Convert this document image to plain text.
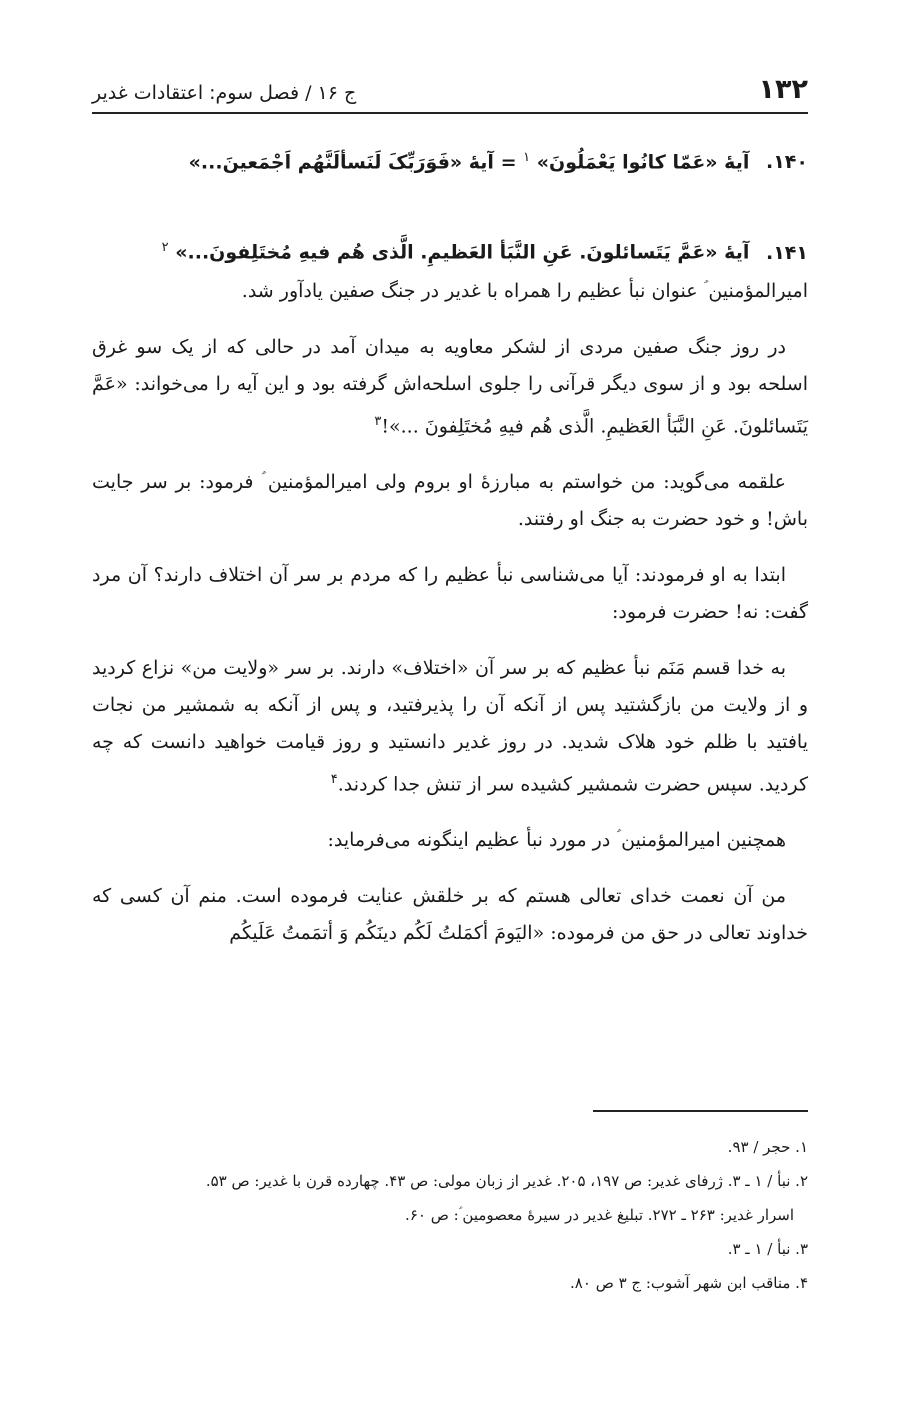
۱۳۲
ج ۱۶ / فصل سوم: اعتقادات غدیر
۱۴۰. آیهٔ «عَمّا کانُوا یَعْمَلُونَ» $^۱$ = آیهٔ «فَوَرَبِّکَ لَنَسألَنَّهُم اَجْمَعینَ...»
۱۴۱. آیهٔ «عَمَّ یَتَسائلونَ. عَنِ النَّبَأ العَظیمِ. الَّذی هُم فیهِ مُختَلِفونَ...» $^۲$

امیرالمؤمنین ؑ عنوان نبأ عظیم را همراه با غدیر در جنگ صفین یادآور شد.

در روز جنگ صفین مردی از لشکر معاویه به میدان آمد در حالی که از یک سو غرق اسلحه بود و از سوی دیگر قرآنی را جلوی اسلحه‌اش گرفته بود و این آیه را می‌خواند: «عَمَّ یَتَسائلونَ. عَنِ النَّبَأ العَظیمِ. الَّذی هُم فیهِ مُختَلِفونَ ...»!$^۳$

علقمه می‌گوید: من خواستم به مبارزهٔ او بروم ولی امیرالمؤمنین ؑ فرمود: بر سر جایت باش! و خود حضرت به جنگ او رفتند.

ابتدا به او فرمودند: آیا می‌شناسی نبأ عظیم را که مردم بر سر آن اختلاف دارند؟ آن مرد گفت: نه! حضرت فرمود:

به خدا قسم مَنَم نبأ عظیم که بر سر آن «اختلاف» دارند. بر سر «ولایت من» نزاع کردید و از ولایت من بازگشتید پس از آنکه آن را پذیرفتید، و پس از آنکه به شمشیر من نجات یافتید با ظلم خود هلاک شدید. در روز غدیر دانستید و روز قیامت خواهید دانست که چه کردید. سپس حضرت شمشیر کشیده سر از تنش جدا کردند.$^۴$

همچنین امیرالمؤمنین ؑ در مورد نبأ عظیم اینگونه می‌فرماید:

من آن نعمت خدای تعالی هستم که بر خلقش عنایت فرموده است. منم آن کسی که خداوند تعالی در حق من فرموده: «الیَومَ أکمَلتُ لَکُم دینَکُم وَ أتمَمتُ عَلَیکُم

۱. حجر / ۹۳.

۲. نبأ / ۱ ـ ۳. ژرفای غدیر: ص ۱۹۷، ۲۰۵. غدیر از زبان مولی: ص ۴۳. چهارده قرن با غدیر: ص ۵۳.

اسرار غدیر: ۲۶۳ ـ ۲۷۲. تبلیغ غدیر در سیرهٔ معصومین ؑ: ص ۶۰.

۳. نبأ / ۱ ـ ۳.

۴. مناقب ابن شهر آشوب: ج ۳ ص ۸۰.
